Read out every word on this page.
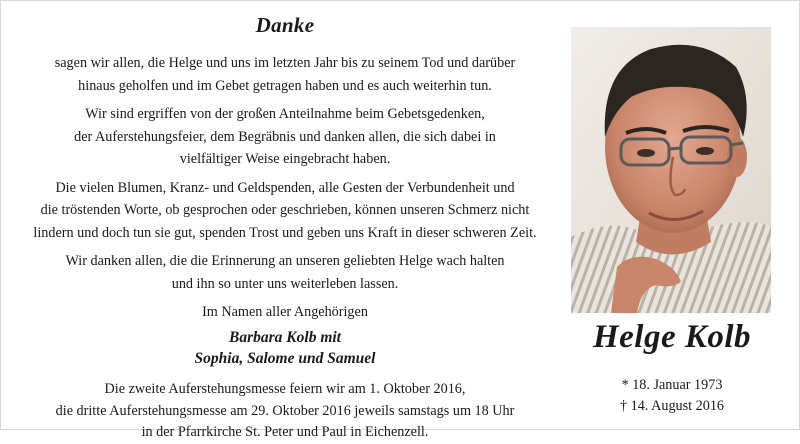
Danke

sagen wir allen, die Helge und uns im letzten Jahr bis zu seinem Tod und darüber
hinaus geholfen und im Gebet getragen haben und es auch weiterhin tun.

Wir sind ergriffen von der großen Anteilnahme beim Gebetsgedenken,
der Auferstehungsfeier, dem Begräbnis und danken allen, die sich dabei in
vielfältiger Weise eingebracht haben.

Die vielen Blumen, Kranz- und Geldspenden, alle Gesten der Verbundenheit und
die tröstenden Worte, ob gesprochen oder geschrieben, können unseren Schmerz nicht
lindern und doch tun sie gut, spenden Trost und geben uns Kraft in dieser schweren Zeit.

Wir danken allen, die die Erinnerung an unseren geliebten Helge wach halten
und ihn so unter uns weiterleben lassen.

Im Namen aller Angehörigen
Barbara Kolb mit
Sophia, Salome und Samuel

Die zweite Auferstehungsmesse feiern wir am 1. Oktober 2016,
die dritte Auferstehungsmesse am 29. Oktober 2016 jeweils samstags um 18 Uhr
in der Pfarrkirche St. Peter und Paul in Eichenzell.

Helge Kolb
* 18. Januar 1973
† 14. August 2016
